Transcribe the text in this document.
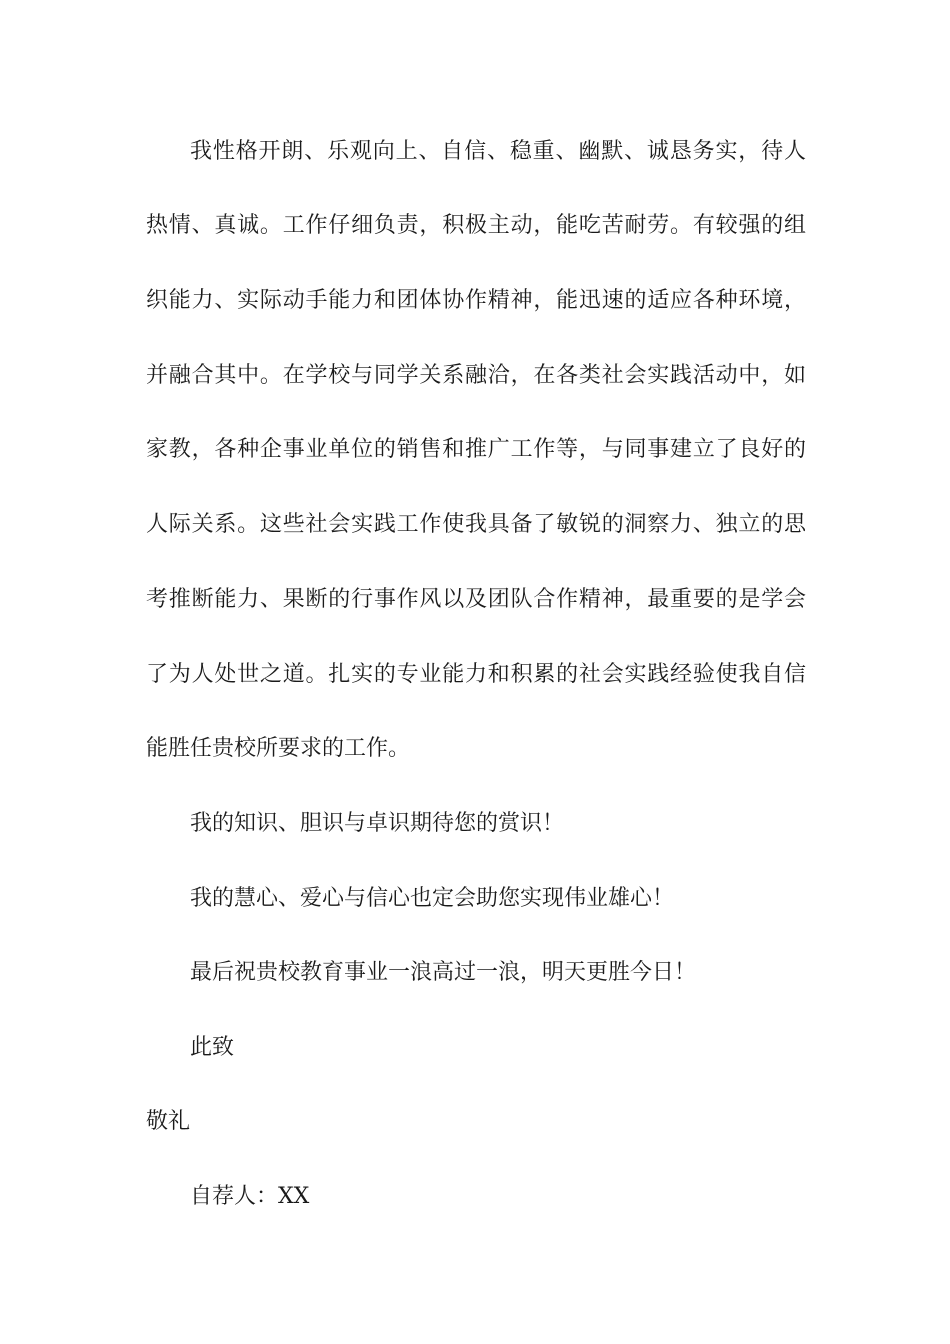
我性格开朗、乐观向上、自信、稳重、幽默、诚恳务实，待人
热情、真诚。工作仔细负责，积极主动，能吃苦耐劳。有较强的组
织能力、实际动手能力和团体协作精神，能迅速的适应各种环境，
并融合其中。在学校与同学关系融洽，在各类社会实践活动中，如
家教，各种企事业单位的销售和推广工作等，与同事建立了良好的
人际关系。这些社会实践工作使我具备了敏锐的洞察力、独立的思
考推断能力、果断的行事作风以及团队合作精神，最重要的是学会
了为人处世之道。扎实的专业能力和积累的社会实践经验使我自信
能胜任贵校所要求的工作。
我的知识、胆识与卓识期待您的赏识！
我的慧心、爱心与信心也定会助您实现伟业雄心！
最后祝贵校教育事业一浪高过一浪，明天更胜今日！
此致
敬礼
自荐人：XX
